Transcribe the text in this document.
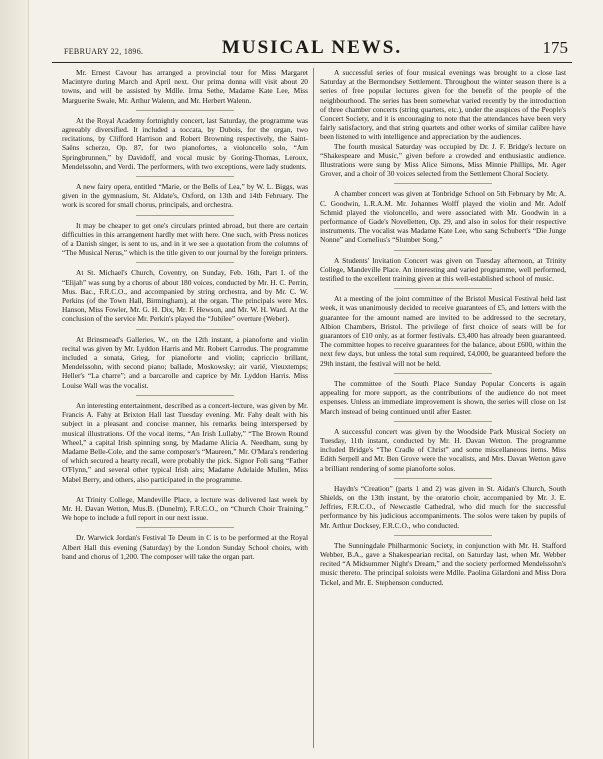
FEBRUARY 22, 1896.	MUSICAL NEWS.	175

Mr. Ernest Cavour has arranged a provincial tour for Miss Margaret Macintyre during March and April next. Our prima donna will visit about 20 towns, and will be assisted by Mdlle. Irma Sethe, Madame Kate Lee, Miss Marguerite Swale, Mr. Arthur Walenn, and Mr. Herbert Walenn.

At the Royal Academy fortnightly concert, last Saturday, the programme was agreeably diversified. It included a toccata, by Dubois, for the organ, two recitations, by Clifford Harrison and Robert Browning respectively, the Saint-Saëns scherzo, Op. 87, for two pianofortes, a violoncello solo, “Am Springbrunnen,” by Davidoff, and vocal music by Goring-Thomas, Leroux, Mendelssohn, and Verdi. The performers, with two exceptions, were lady students.

A new fairy opera, entitled “Marie, or the Bells of Lea,” by W. L. Biggs, was given in the gymnasium, St. Aldate's, Oxford, on 13th and 14th February. The work is scored for small chorus, principals, and orchestra.

It may be cheaper to get one's circulars printed abroad, but there are certain difficulties in this arrangement hardly met with here. One such, with Press notices of a Danish singer, is sent to us, and in it we see a quotation from the columns of “The Musical Nerus,” which is the title given to our journal by the foreign printers.

At St. Michael's Church, Coventry, on Sunday, Feb. 16th, Part I. of the “Elijah” was sung by a chorus of about 180 voices, conducted by Mr. H. C. Perrin, Mus. Bac., F.R.C.O., and accompanied by string orchestra, and by Mr. C. W. Perkins (of the Town Hall, Birmingham), at the organ. The principals were Mrs. Hanson, Miss Fowler, Mr. G. H. Dix, Mr. F. Hewson, and Mr. W. H. Ward. At the conclusion of the service Mr. Perkin's played the “Jubilee” overture (Weber).

At Brinsmead's Galleries, W., on the 12th instant, a pianoforte and violin recital was given by Mr. Lyddon Harris and Mr. Robert Carrodus. The programme included a sonata, Grieg, for pianoforte and violin; capriccio brillant, Mendelssohn, with second piano; ballade, Moskowsky; air varié, Vieuxtemps; Heller's “La charre”; and a barcarolle and caprice by Mr. Lyddon Harris. Miss Louise Wall was the vocalist.

An interesting entertainment, described as a concert-lecture, was given by Mr. Francis A. Fahy at Brixton Hall last Tuesday evening. Mr. Fahy dealt with his subject in a pleasant and concise manner, his remarks being interspersed by musical illustrations. Of the vocal items, “An Irish Lullaby,” “The Brown Round Wheel,” a capital Irish spinning song, by Madame Alicia A. Needham, sung by Madame Belle-Cole, and the same composer's “Maureen,” Mr. O'Mara's rendering of which secured a hearty recall, were probably the pick. Signor Foli sang “Father O'Flynn,” and several other typical Irish airs; Madame Adelaide Mullen, Miss Mabel Berry, and others, also participated in the programme.

At Trinity College, Mandeville Place, a lecture was delivered last week by Mr. H. Davan Wetton, Mus.B. (Dunelm), F.R.C.O., on “Church Choir Training.” We hope to include a full report in our next issue.

Dr. Warwick Jordan's Festival Te Deum in C is to be performed at the Royal Albert Hall this evening (Saturday) by the London Sunday School choirs, with band and chorus of 1,200. The composer will take the organ part.

A successful series of four musical evenings was brought to a close last Saturday at the Bermondsey Settlement. Throughout the winter season there is a series of free popular lectures given for the benefit of the people of the neighbourhood. The series has been somewhat varied recently by the introduction of three chamber concerts (string quartets, etc.), under the auspices of the People's Concert Society, and it is encouraging to note that the attendances have been very fairly satisfactory, and that string quartets and other works of similar calibre have been listened to with intelligence and appreciation by the audiences.

The fourth musical Saturday was occupied by Dr. J. F. Bridge's lecture on “Shakespeare and Music,” given before a crowded and enthusiastic audience. Illustrations were sung by Miss Alice Simons, Miss Minnie Phillips, Mr. Ager Grover, and a choir of 30 voices selected from the Settlement Choral Society.

A chamber concert was given at Tonbridge School on 5th February by Mr. A. C. Goodwin, L.R.A.M. Mr. Johannes Wolff played the violin and Mr. Adolf Schmid played the violoncello, and were associated with Mr. Goodwin in a performance of Gade's Novelletten, Op. 29, and also in solos for their respective instruments. The vocalist was Madame Kate Lee, who sang Schubert's “Die Junge Nonne” and Cornelius's “Slumber Song.”

A Students' Invitation Concert was given on Tuesday afternoon, at Trinity College, Mandeville Place. An interesting and varied programme, well performed, testified to the excellent training given at this well-established school of music.

At a meeting of the joint committee of the Bristol Musical Festival held last week, it was unanimously decided to receive guarantees of £5, and letters with the guarantee for the amount named are invited to be addressed to the secretary, Albion Chambers, Bristol. The privilege of first choice of seats will be for guarantors of £10 only, as at former festivals. £3,400 has already been guaranteed. The committee hopes to receive guarantees for the balance, about £600, within the next few days, but unless the total sum required, £4,000, be guaranteed before the 29th instant, the festival will not be held.

The committee of the South Place Sunday Popular Concerts is again appealing for more support, as the contributions of the audience do not meet expenses. Unless an immediate improvement is shown, the series will close on 1st March instead of being continued until after Easter.

A successful concert was given by the Woodside Park Musical Society on Tuesday, 11th instant, conducted by Mr. H. Davan Wetton. The programme included Bridge's “The Cradle of Christ” and some miscellaneous items. Miss Edith Serpell and Mr. Ben Grove were the vocalists, and Mrs. Davan Wetton gave a brilliant rendering of some pianoforte solos.

Haydn's “Creation” (parts 1 and 2) was given in St. Aidan's Church, South Shields, on the 13th instant, by the oratorio choir, accompanied by Mr. J. E. Jeffries, F.R.C.O., of Newcastle Cathedral, who did much for the successful performance by his judicious accompaniments. The solos were taken by pupils of Mr. Arthur Docksey, F.R.C.O., who conducted.

The Sunningdale Philharmonic Society, in conjunction with Mr. H. Stafford Webber, B.A., gave a Shakespearian recital, on Saturday last, when Mr. Webber recited “A Midsummer Night's Dream,” and the society performed Mendelssohn's music thereto. The principal soloists were Mdlle. Paolina Gilardoni and Miss Dora Tickel, and Mr. E. Stephenson conducted.
